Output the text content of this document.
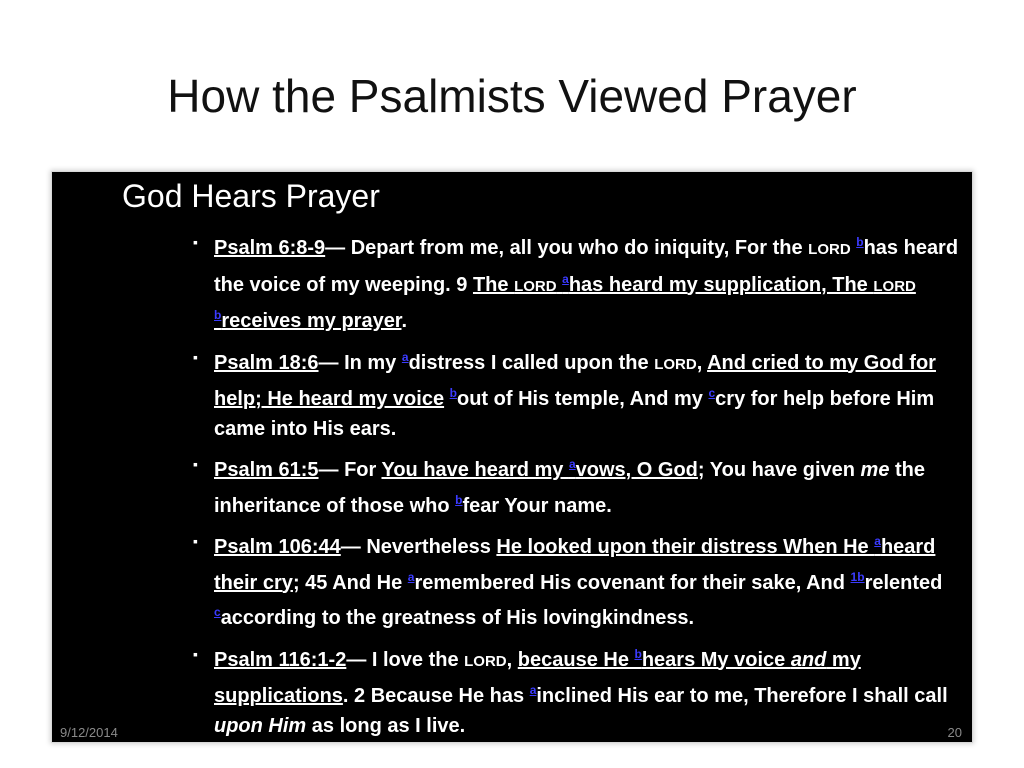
How the Psalmists Viewed Prayer
God Hears Prayer
▪ Psalm 6:8-9— Depart from me, all you who do iniquity, For the LORD $^b$has heard the voice of my weeping. 9 The LORD $^a$has heard my supplication, The LORD $^b$receives my prayer.
▪ Psalm 18:6— In my $^a$distress I called upon the LORD, And cried to my God for help; He heard my voice $^b$out of His temple, And my $^c$cry for help before Him came into His ears.
▪ Psalm 61:5— For You have heard my $^a$vows, O God; You have given me the inheritance of those who $^b$fear Your name.
▪ Psalm 106:44— Nevertheless He looked upon their distress When He $^a$heard their cry; 45 And He $^a$remembered His covenant for their sake, And $^{1b}$relented $^c$according to the greatness of His lovingkindness.
▪ Psalm 116:1-2— I love the LORD, because He $^b$hears My voice and my supplications. 2 Because He has $^a$inclined His ear to me, Therefore I shall call upon Him as long as I live.
9/12/2014	20
